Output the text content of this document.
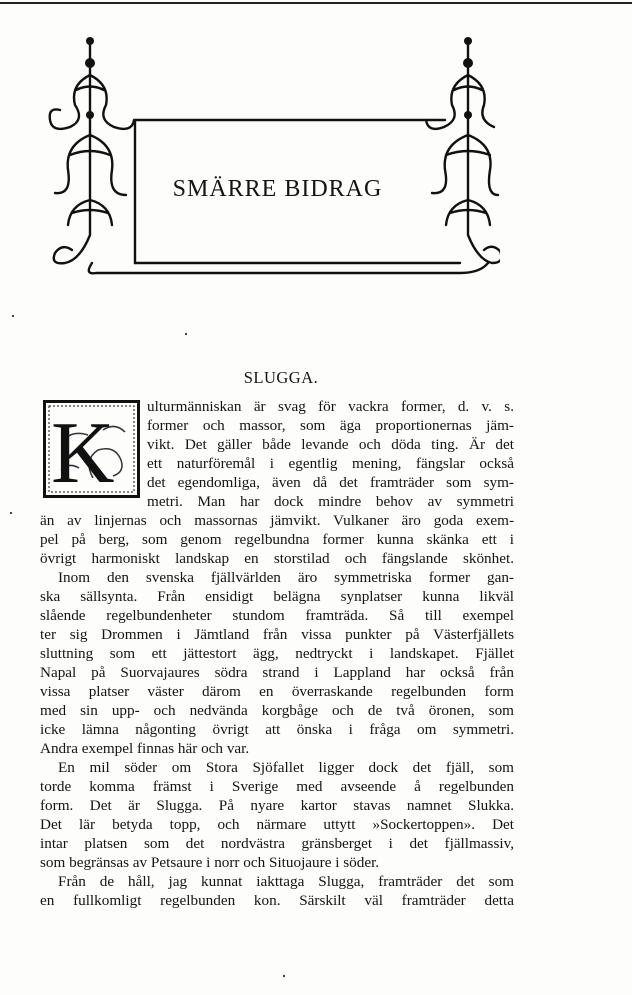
SMÄRRE BIDRAG
SLUGGA.
K ulturmänniskan är svag för vackra former, d. v. s.
former och massor, som äga proportionernas jäm-
vikt. Det gäller både levande och döda ting. Är det
ett naturföremål i egentlig mening, fängslar också
det egendomliga, även då det framträder som sym-
metri. Man har dock mindre behov av symmetri
än av linjernas och massornas jämvikt. Vulkaner äro goda exem-
pel på berg, som genom regelbundna former kunna skänka ett i
övrigt harmoniskt landskap en storstilad och fängslande skönhet.
Inom den svenska fjällvärlden äro symmetriska former gan-
ska sällsynta. Från ensidigt belägna synplatser kunna likväl
slående regelbundenheter stundom framträda. Så till exempel
ter sig Drommen i Jämtland från vissa punkter på Västerfjällets
sluttning som ett jättestort ägg, nedtryckt i landskapet. Fjället
Napal på Suorvajaures södra strand i Lappland har också från
vissa platser väster därom en överraskande regelbunden form
med sin upp- och nedvända korgbåge och de två öronen, som
icke lämna någonting övrigt att önska i fråga om symmetri.
Andra exempel finnas här och var.
En mil söder om Stora Sjöfallet ligger dock det fjäll, som
torde komma främst i Sverige med avseende å regelbunden
form. Det är Slugga. På nyare kartor stavas namnet Slukka.
Det lär betyda topp, och närmare uttytt »Sockertoppen». Det
intar platsen som det nordvästra gränsberget i det fjällmassiv,
som begränsas av Petsaure i norr och Situojaure i söder.
Från de håll, jag kunnat iakttaga Slugga, framträder det som
en fullkomligt regelbunden kon. Särskilt väl framträder detta
